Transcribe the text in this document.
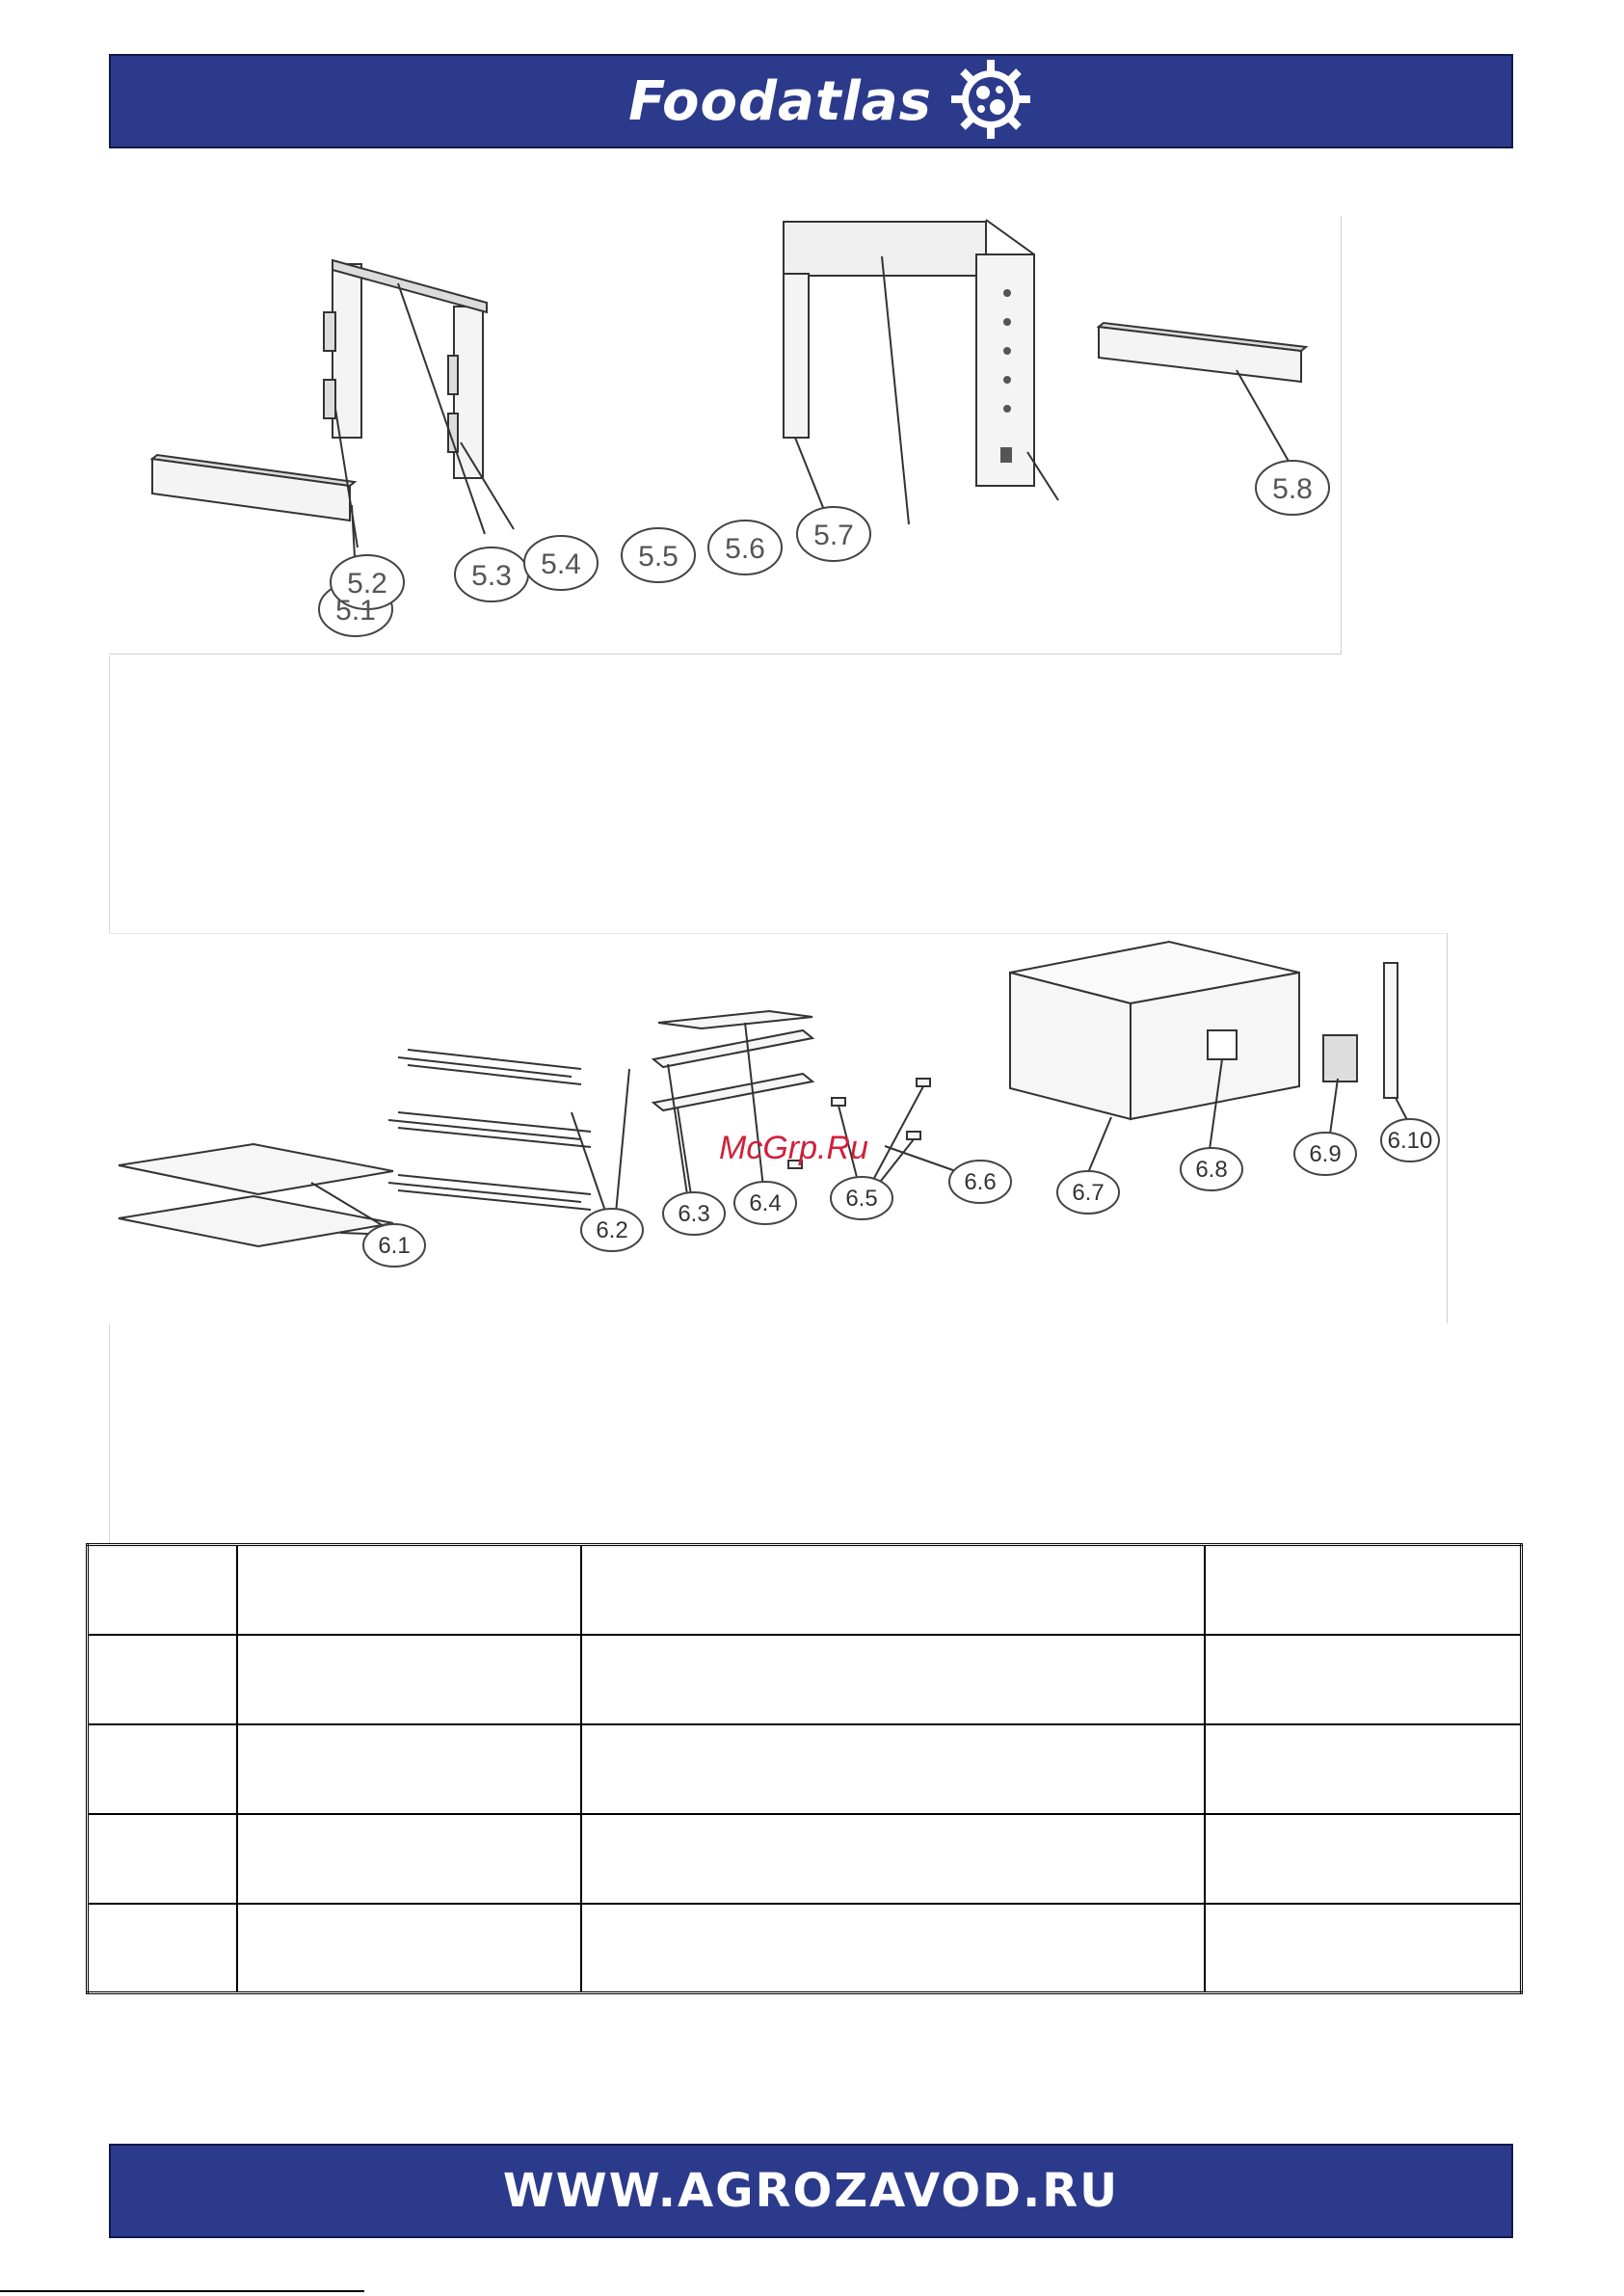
Foodatlas
5.1
5.2	5.3 5.4 5.5 5.6 5.7
5.8
6.1
6.2
6.3 6.4	6.5
6.6	6.7
6.8
6.9
6.10
McGrp.Ru

WWW.AGROZAVOD.RU
